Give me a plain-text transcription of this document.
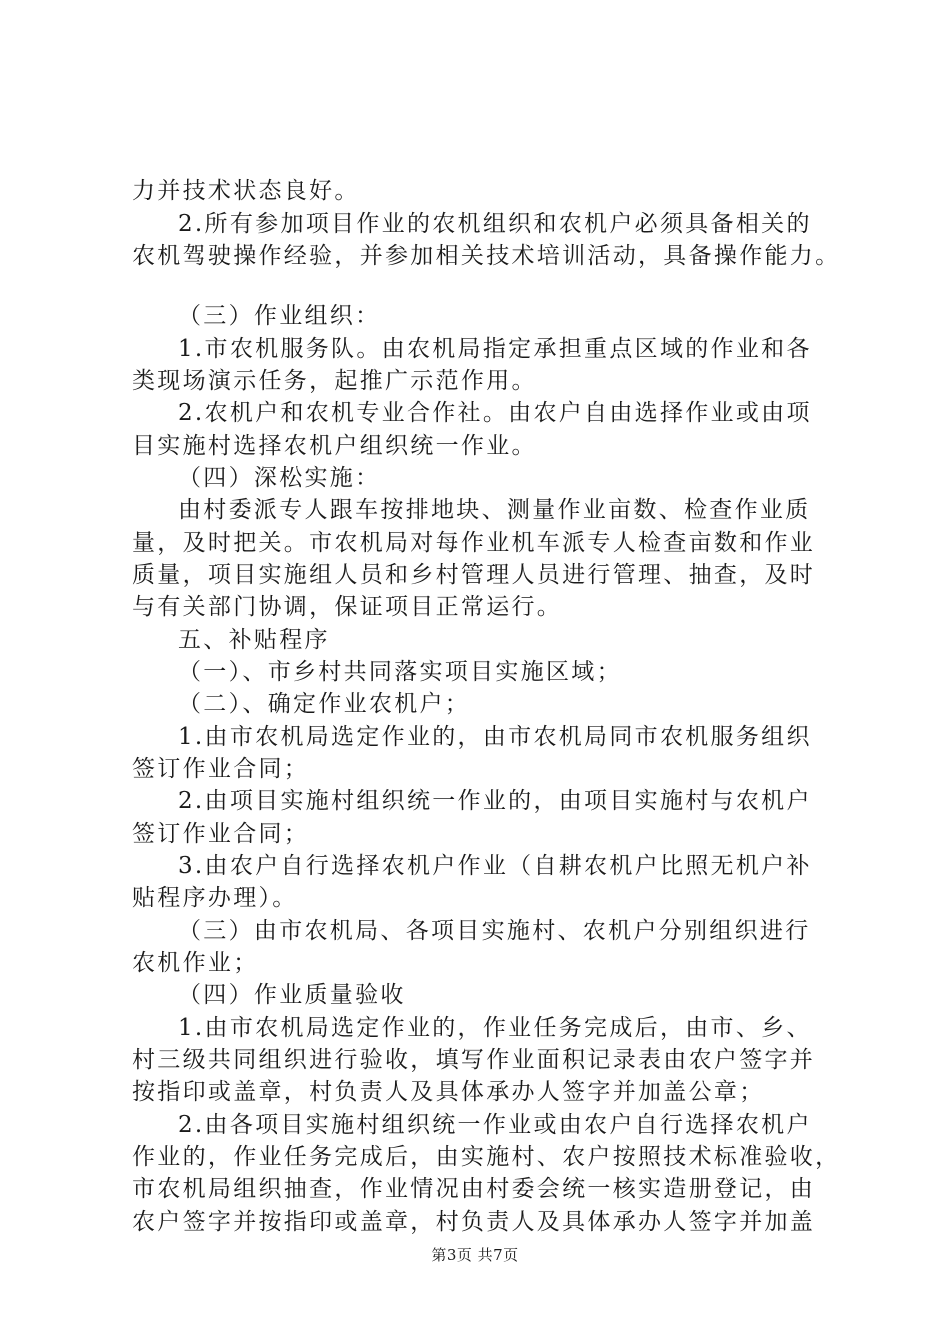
力并技术状态良好。
2.所有参加项目作业的农机组织和农机户必须具备相关的
农机驾驶操作经验，并参加相关技术培训活动，具备操作能力。
（三）作业组织：
1.市农机服务队。由农机局指定承担重点区域的作业和各
类现场演示任务，起推广示范作用。
2.农机户和农机专业合作社。由农户自由选择作业或由项
目实施村选择农机户组织统一作业。
（四）深松实施：
由村委派专人跟车按排地块、测量作业亩数、检查作业质
量，及时把关。市农机局对每作业机车派专人检查亩数和作业
质量，项目实施组人员和乡村管理人员进行管理、抽查，及时
与有关部门协调，保证项目正常运行。
五、补贴程序
（一）、市乡村共同落实项目实施区域；
（二）、确定作业农机户；
1.由市农机局选定作业的，由市农机局同市农机服务组织
签订作业合同；
2.由项目实施村组织统一作业的，由项目实施村与农机户
签订作业合同；
3.由农户自行选择农机户作业（自耕农机户比照无机户补
贴程序办理）。
（三）由市农机局、各项目实施村、农机户分别组织进行
农机作业；
（四）作业质量验收
1.由市农机局选定作业的，作业任务完成后，由市、乡、
村三级共同组织进行验收，填写作业面积记录表由农户签字并
按指印或盖章，村负责人及具体承办人签字并加盖公章；
2.由各项目实施村组织统一作业或由农户自行选择农机户
作业的，作业任务完成后，由实施村、农户按照技术标准验收，
市农机局组织抽查，作业情况由村委会统一核实造册登记，由
农户签字并按指印或盖章，村负责人及具体承办人签字并加盖
第3页 共7页
